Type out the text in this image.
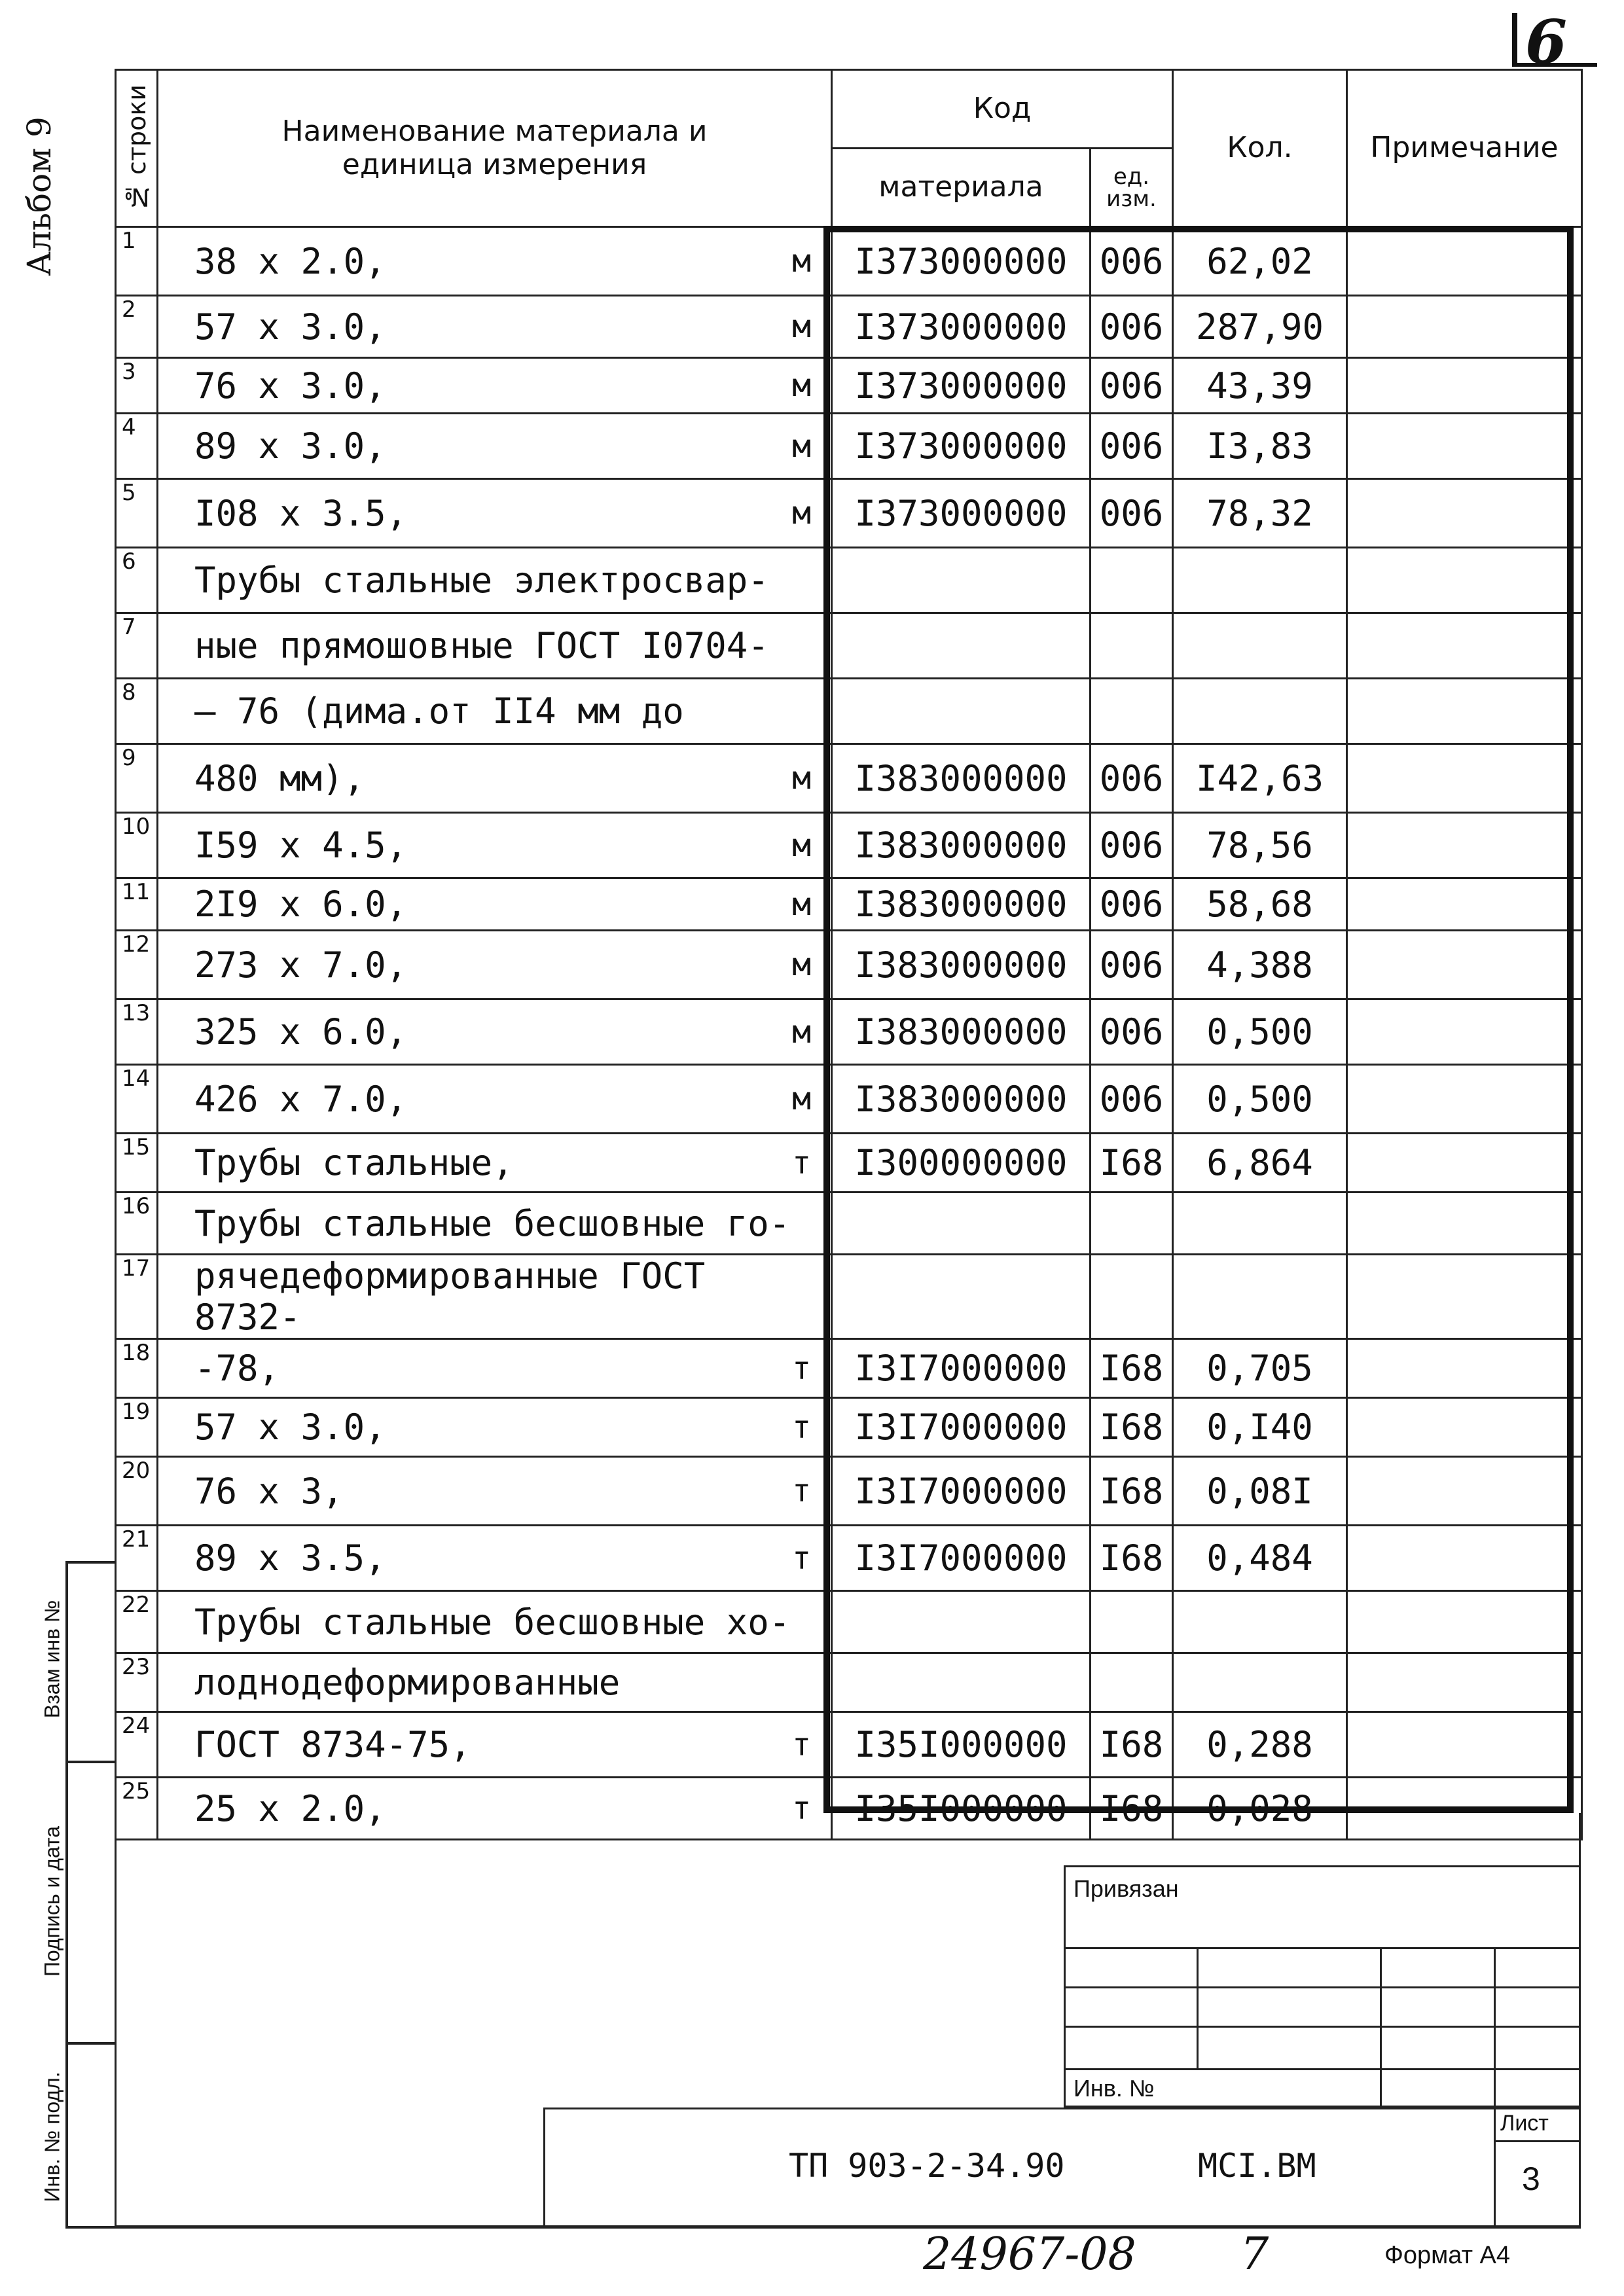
6
Альбом 9	№ строки	Наименование материала и
единица измерения	Код		Кол.	Примечание
		материала	ед.
изм.		
1	38 x 2.0, м	I373000000	006	62,02	
2	57 x 3.0, м	I373000000	006	287,90	
3	76 x 3.0, м	I373000000	006	43,39	
4	89 x 3.0, м	I373000000	006	I3,83	
5	I08 x 3.5, м	I373000000	006	78,32	
6	Трубы стальные электросвар-

7	ные прямошовные ГОСТ I0704-

8	– 76 (дима.от II4 мм до

9	480 мм), м	I383000000	006	I42,63	
10	I59 x 4.5, м	I383000000	006	78,56	
11	2I9 x 6.0, м	I383000000	006	58,68	
12	273 x 7.0, м	I383000000	006	4,388	
13	325 x 6.0, м	I383000000	006	0,500	
14	426 x 7.0, м	I383000000	006	0,500	
15	Трубы стальные, т	I300000000	I68	6,864	
16	Трубы стальные бесшовные го-

17	рячедеформированные ГОСТ 8732-

18	-78, т	I3I7000000	I68	0,705	
19	57 x 3.0, т	I3I7000000	I68	0,I40	
20	76 x 3, т	I3I7000000	I68	0,08I	
21	89 x 3.5, т	I3I7000000	I68	0,484	
22	Трубы стальные бесшовные хо-

23	лоднодеформированные

24	ГОСТ 8734-75, т	I35I000000	I68	0,288	
25	25 x 2.0, т	I35I000000	I68	0,028	
Взам инв №
Подпись и дата
Инв. № подл.
Привязан
Инв. №
ТП 903-2-34.90	МСI.ВМ
Лист
3
24967-08 7	Формат А4
